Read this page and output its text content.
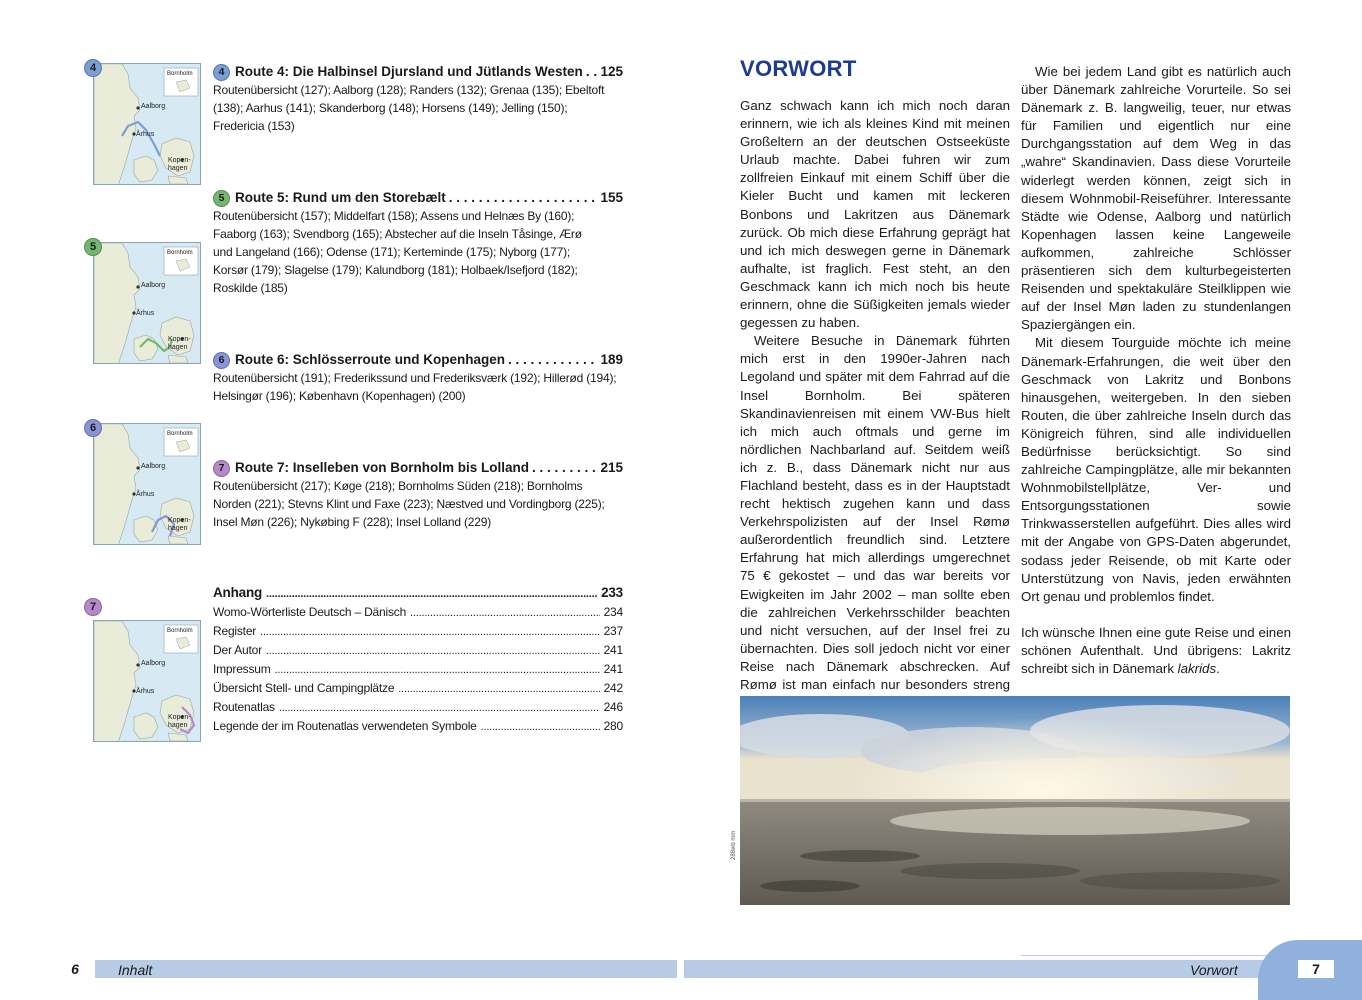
4	Bornholm
Aalborg
Århus
Kopen-
hagen
5	Bornholm
Aalborg
Århus
Kopen-
hagen
6	Bornholm
Aalborg
Århus
Kopen-
hagen
7
Bornholm
Aalborg
Århus
Kopen-
hagen
4 Route 4: Die Halbinsel Djursland und Jütlands Westen . . . 125
Routenübersicht (127); Aalborg (128); Randers (132); Grenaa (135); Ebeltoft
(138); Aarhus (141); Skanderborg (148); Horsens (149); Jelling (150);
Fredericia (153)
5 Route 5: Rund um den Storebælt . . .	155
Routenübersicht (157); Middelfart (158); Assens und Helnæs By (160);
Faaborg (163); Svendborg (165); Abstecher auf die Inseln Tåsinge, Ærø
und Langeland (166); Odense (171); Kerteminde (175); Nyborg (177);
Korsør (179); Slagelse (179); Kalundborg (181); Holbaek/Isefjord (182);
Roskilde (185)
6 Route 6: Schlösserroute und Kopenhagen . . .	189
Routenübersicht (191); Frederikssund und Frederiksværk (192); Hillerød (194);
Helsingør (196); København (Kopenhagen) (200)
7 Route 7: Inselleben von Bornholm bis Lolland . . .	215
Routenübersicht (217); Køge (218); Bornholms Süden (218); Bornholms
Norden (221); Stevns Klint und Faxe (223); Næstved und Vordingborg (225);
Insel Møn (226); Nykøbing F (228); Insel Lolland (229)
Anhang .....	233
Womo-Wörterliste Deutsch – Dänisch .....	234
Register .....	237
Der Autor .....	241
Impressum .....	241
Übersicht Stell- und Campingplätze .....	242
Routenatlas .....	246
Legende der im Routenatlas verwendeten Symbole .....	280
VORWORT

Ganz schwach kann ich mich noch daran erinnern, wie ich als kleines Kind mit meinen Großeltern an der deutschen Ostseeküste Urlaub machte. Dabei fuhren wir zum zollfreien Einkauf mit einem Schiff über die Kieler Bucht und kamen mit leckeren Bonbons und Lakritzen aus Dänemark zurück. Ob mich diese Erfahrung geprägt hat und ich mich deswegen gerne in Dänemark aufhalte, ist fraglich. Fest steht, an den Geschmack kann ich mich noch bis heute erinnern, ohne die Süßigkeiten jemals wieder gegessen zu haben.

Weitere Besuche in Dänemark führten mich erst in den 1990er-Jahren nach Legoland und später mit dem Fahrrad auf die Insel Bornholm. Bei späteren Skandinavienreisen mit einem VW-Bus hielt ich mich auch oftmals und gerne im nördlichen Nachbarland auf. Seitdem weiß ich z. B., dass Dänemark nicht nur aus Flachland besteht, dass es in der Hauptstadt recht hektisch zugehen kann und dass Verkehrspolizisten auf der Insel Rømø außerordentlich freundlich sind. Letztere Erfahrung hat mich allerdings umgerechnet 75 € gekostet – und das war bereits vor Ewigkeiten im Jahr 2002 – man sollte eben die zahlreichen Verkehrsschilder beachten und nicht versuchen, auf der Insel frei zu übernachten. Dies soll jedoch nicht vor einer Reise nach Dänemark abschrecken. Auf Rømø ist man einfach nur besonders streng

Wie bei jedem Land gibt es natürlich auch über Dänemark zahlreiche Vorurteile. So sei Dänemark z. B. langweilig, teuer, nur etwas für Familien und eigentlich nur eine Durchgangsstation auf dem Weg in das „wahre“ Skandinavien. Dass diese Vorurteile widerlegt werden können, zeigt sich in diesem Wohnmobil-Reiseführer. Interessante Städte wie Odense, Aalborg und natürlich Kopenhagen lassen keine Langeweile aufkommen, zahlreiche Schlösser präsentieren sich dem kulturbegeisterten Reisenden und spektakuläre Steilklippen wie auf der Insel Møn laden zu stundenlangen Spaziergängen ein.

Mit diesem Tourguide möchte ich meine Dänemark-Erfahrungen, die weit über den Geschmack von Lakritz und Bonbons hinausgehen, weitergeben. In den sieben Routen, die über zahlreiche Inseln durch das Königreich führen, sind alle individuellen Bedürfnisse berücksichtigt. So sind zahlreiche Campingplätze, alle mir bekannten Wohnmobilstellplätze, Ver- und Entsorgungsstationen sowie Trinkwasserstellen aufgeführt. Dies alles wird mit der Angabe von GPS-Daten abgerundet, sodass jeder Reisende, ob mit Karte oder Unterstützung von Navis, jeden erwähnten Ort genau und problemlos findet.

Ich wünsche Ihnen eine gute Reise und einen schönen Aufenthalt. Und übrigens: Lakritz schreibt sich in Dänemark lakrids.

288wb mm
6	Inhalt	Vorwort	7
